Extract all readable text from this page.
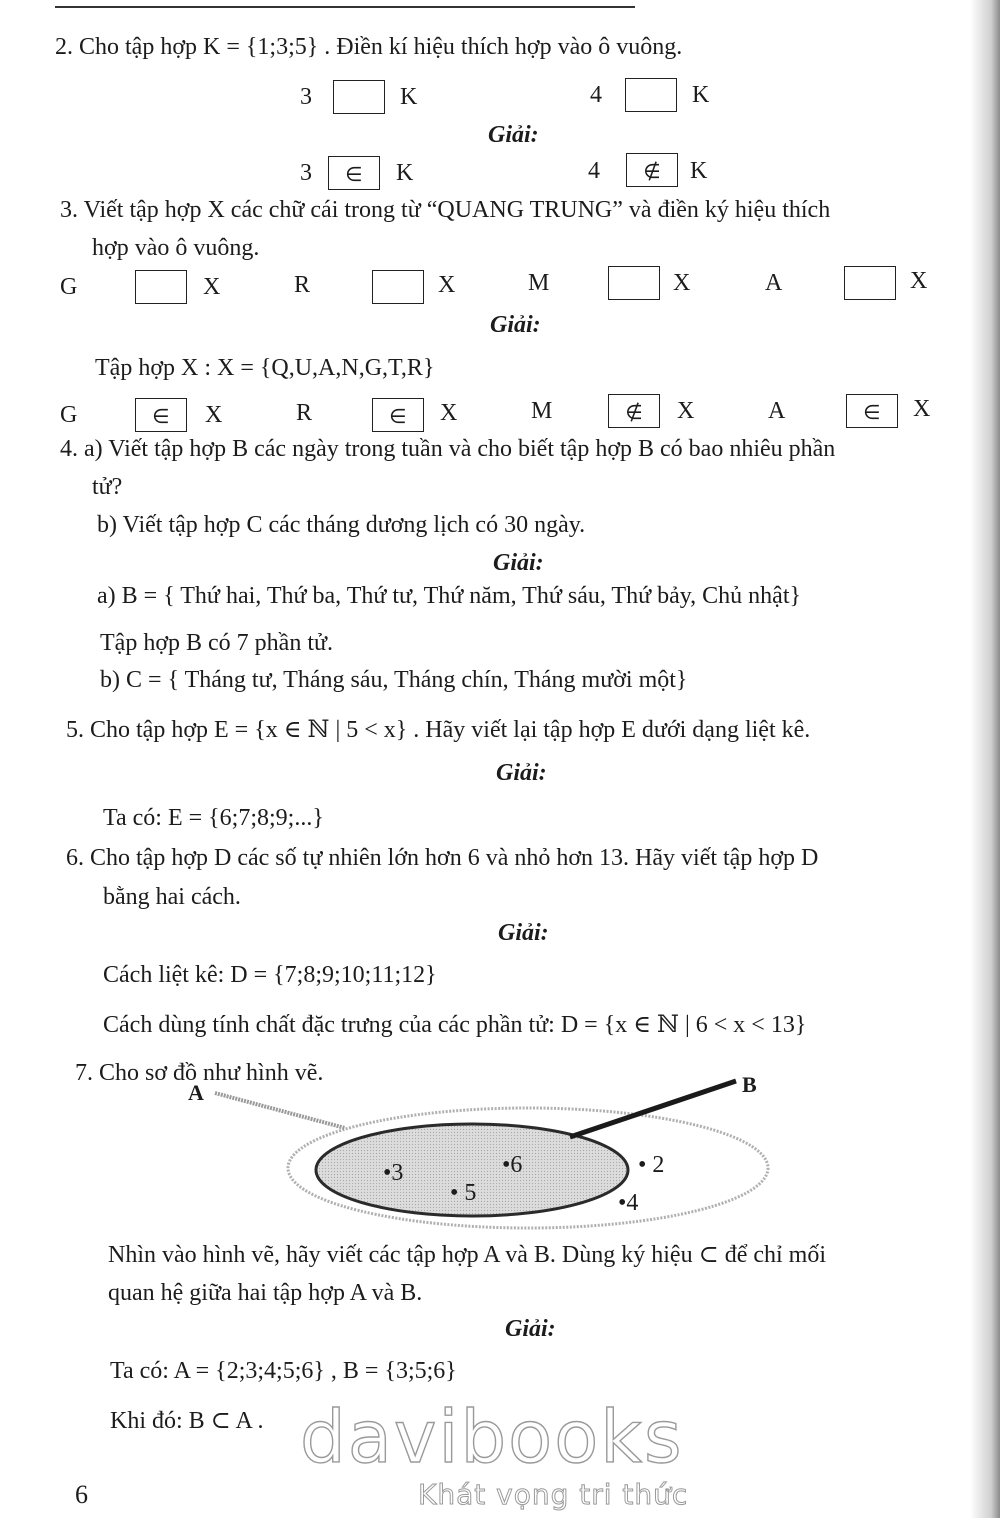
2. Cho tập hợp K = {1;3;5} . Điền kí hiệu thích hợp vào ô vuông.
3	K	4	K
Giải:
3	∈	K	4	∉	K
3. Viết tập hợp X các chữ cái trong từ “QUANG TRUNG” và điền ký hiệu thích
hợp vào ô vuông.
G	X	R	X	M	X	A	X
Giải:
Tập hợp X : X = {Q,U,A,N,G,T,R}
G	∈	X	R	∈	X	M	∉	X	A	∈	X
4. a) Viết tập hợp B các ngày trong tuần và cho biết tập hợp B có bao nhiêu phần
tử?
b) Viết tập hợp C các tháng dương lịch có 30 ngày.
Giải:
a) B = { Thứ hai, Thứ ba, Thứ tư, Thứ năm, Thứ sáu, Thứ bảy, Chủ nhật}
Tập hợp B có 7 phần tử.
b) C = { Tháng tư, Tháng sáu, Tháng chín, Tháng mười một}
5. Cho tập hợp E = {x ∈ ℕ | 5 < x} . Hãy viết lại tập hợp E dưới dạng liệt kê.
Giải:
Ta có: E = {6;7;8;9;...}
6. Cho tập hợp D các số tự nhiên lớn hơn 6 và nhỏ hơn 13. Hãy viết tập hợp D
bằng hai cách.
Giải:
Cách liệt kê: D = {7;8;9;10;11;12}
Cách dùng tính chất đặc trưng của các phần tử: D = {x ∈ ℕ | 6 < x < 13}
7. Cho sơ đồ như hình vẽ.
A	B
•3	•6
• 5
• 2
•4
Nhìn vào hình vẽ, hãy viết các tập hợp A và B. Dùng ký hiệu ⊂ để chỉ mối
quan hệ giữa hai tập hợp A và B.
Giải:
Ta có: A = {2;3;4;5;6} , B = {3;5;6}
Khi đó: B ⊂ A . davibooks
Khát vọng tri thức
6
